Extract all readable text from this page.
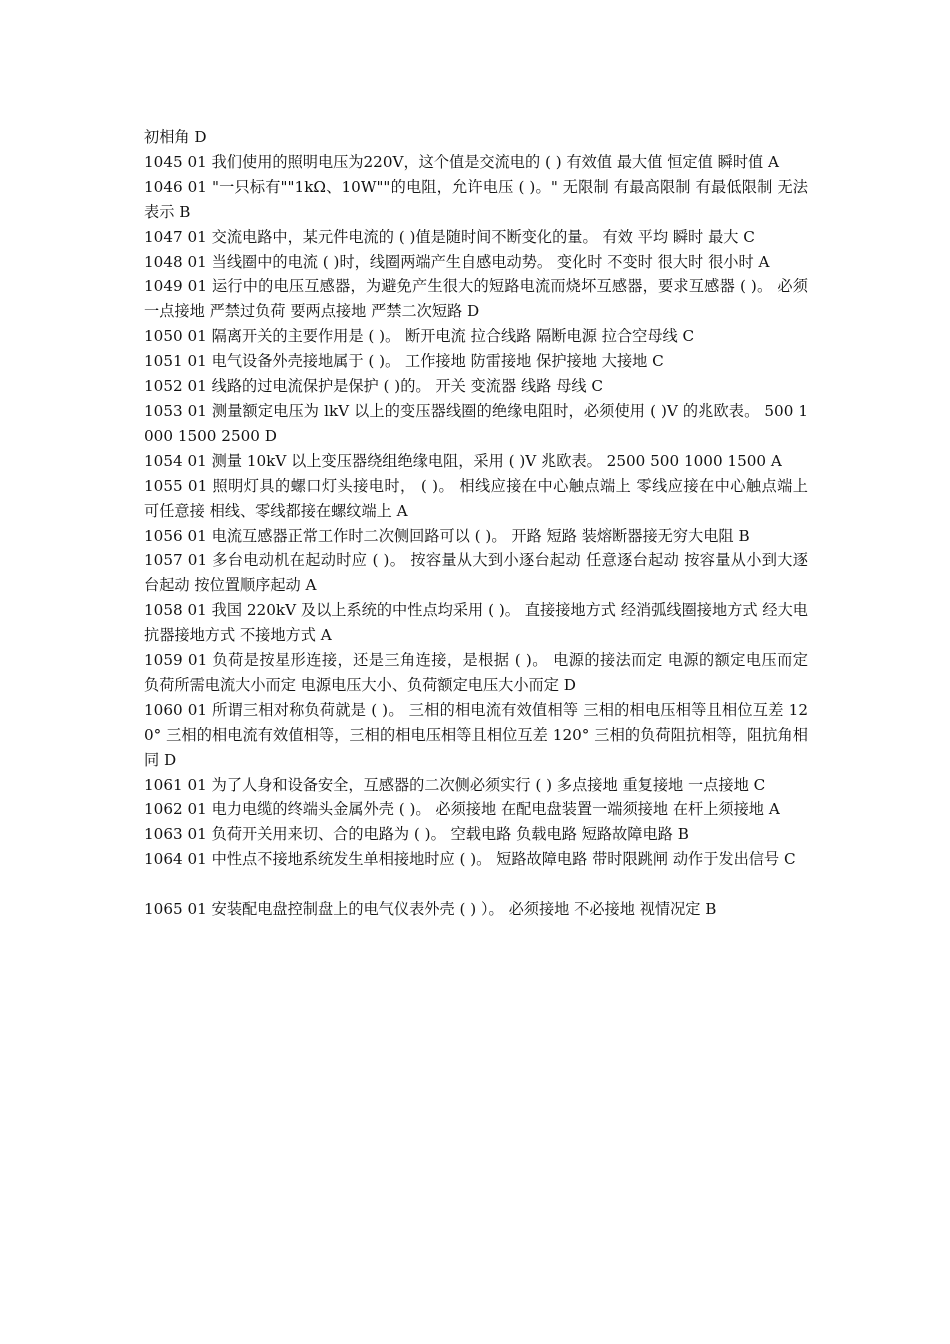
初相角 D

1045 01 我们使用的照明电压为220V，这个值是交流电的 ( ) 有效值 最大值 恒定值 瞬时值 A

1046 01 "一只标有""1kΩ、10W""的电阻，允许电压 ( )。" 无限制 有最高限制 有最低限制 无法表示 B

1047 01 交流电路中，某元件电流的 ( )值是随时间不断变化的量。 有效 平均 瞬时 最大 C

1048 01 当线圈中的电流 ( )时，线圈两端产生自感电动势。 变化时 不变时 很大时 很小时 A

1049 01 运行中的电压互感器，为避免产生很大的短路电流而烧坏互感器，要求互感器 ( )。 必须一点接地 严禁过负荷 要两点接地 严禁二次短路 D

1050 01 隔离开关的主要作用是 ( )。 断开电流 拉合线路 隔断电源 拉合空母线 C

1051 01 电气设备外壳接地属于 ( )。 工作接地 防雷接地 保护接地 大接地 C

1052 01 线路的过电流保护是保护 ( )的。 开关 变流器 线路 母线 C

1053 01 测量额定电压为 lkV 以上的变压器线圈的绝缘电阻时，必须使用 ( )V 的兆欧表。 500 1000 1500 2500 D

1054 01 测量 10kV 以上变压器绕组绝缘电阻，采用 ( )V 兆欧表。 2500 500 1000 1500 A

1055 01 照明灯具的螺口灯头接电时， ( )。 相线应接在中心触点端上 零线应接在中心触点端上 可任意接 相线、零线都接在螺纹端上 A

1056 01 电流互感器正常工作时二次侧回路可以 ( )。 开路 短路 装熔断器接无穷大电阻 B

1057 01 多台电动机在起动时应 ( )。 按容量从大到小逐台起动 任意逐台起动 按容量从小到大逐台起动 按位置顺序起动 A

1058 01 我国 220kV 及以上系统的中性点均采用 ( )。 直接接地方式 经消弧线圈接地方式 经大电抗器接地方式 不接地方式 A

1059 01 负荷是按星形连接，还是三角连接，是根据 ( )。 电源的接法而定 电源的额定电压而定 负荷所需电流大小而定 电源电压大小、负荷额定电压大小而定 D

1060 01 所谓三相对称负荷就是 ( )。 三相的相电流有效值相等 三相的相电压相等且相位互差 120° 三相的相电流有效值相等，三相的相电压相等且相位互差 120° 三相的负荷阻抗相等，阻抗角相同 D

1061 01 为了人身和设备安全，互感器的二次侧必须实行 ( ) 多点接地 重复接地 一点接地 C

1062 01 电力电缆的终端头金属外壳 ( )。 必须接地 在配电盘装置一端须接地 在杆上须接地 A

1063 01 负荷开关用来切、合的电路为 ( )。 空载电路 负载电路 短路故障电路 B

1064 01 中性点不接地系统发生单相接地时应 ( )。 短路故障电路 带时限跳闸 动作于发出信号 C

1065 01 安装配电盘控制盘上的电气仪表外壳 ( ) ）。 必须接地 不必接地 视情况定 B
